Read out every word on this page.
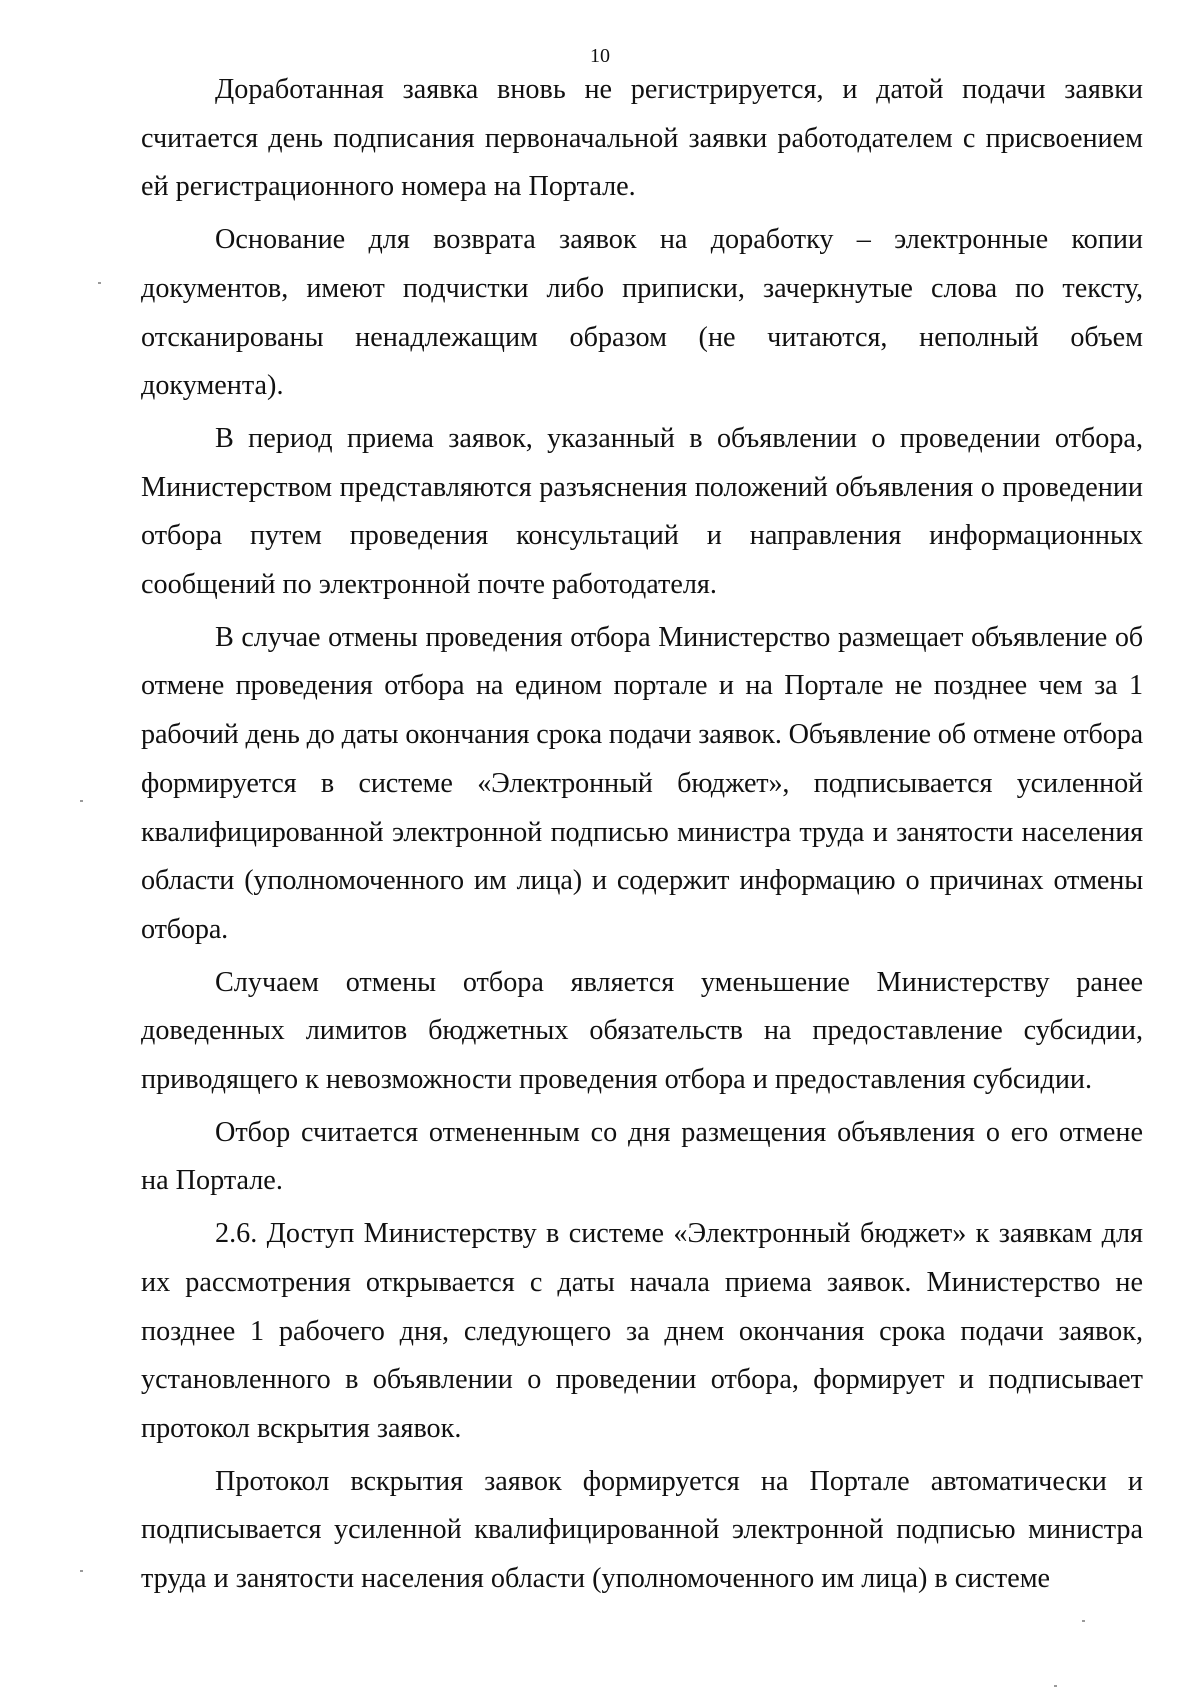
10

Доработанная заявка вновь не регистрируется, и датой подачи заявки считается день подписания первоначальной заявки работодателем с присвоением ей регистрационного номера на Портале.

Основание для возврата заявок на доработку – электронные копии документов, имеют подчистки либо приписки, зачеркнутые слова по тексту, отсканированы ненадлежащим образом (не читаются, неполный объем документа).

В период приема заявок, указанный в объявлении о проведении отбора, Министерством представляются разъяснения положений объявления о проведении отбора путем проведения консультаций и направления информационных сообщений по электронной почте работодателя.

В случае отмены проведения отбора Министерство размещает объявление об отмене проведения отбора на едином портале и на Портале не позднее чем за 1 рабочий день до даты окончания срока подачи заявок. Объявление об отмене отбора формируется в системе «Электронный бюджет», подписывается усиленной квалифицированной электронной подписью министра труда и занятости населения области (уполномоченного им лица) и содержит информацию о причинах отмены отбора.

Случаем отмены отбора является уменьшение Министерству ранее доведенных лимитов бюджетных обязательств на предоставление субсидии, приводящего к невозможности проведения отбора и предоставления субсидии.

Отбор считается отмененным со дня размещения объявления о его отмене на Портале.

2.6. Доступ Министерству в системе «Электронный бюджет» к заявкам для их рассмотрения открывается с даты начала приема заявок. Министерство не позднее 1 рабочего дня, следующего за днем окончания срока подачи заявок, установленного в объявлении о проведении отбора, формирует и подписывает протокол вскрытия заявок.

Протокол вскрытия заявок формируется на Портале автоматически и подписывается усиленной квалифицированной электронной подписью министра труда и занятости населения области (уполномоченного им лица) в системе
